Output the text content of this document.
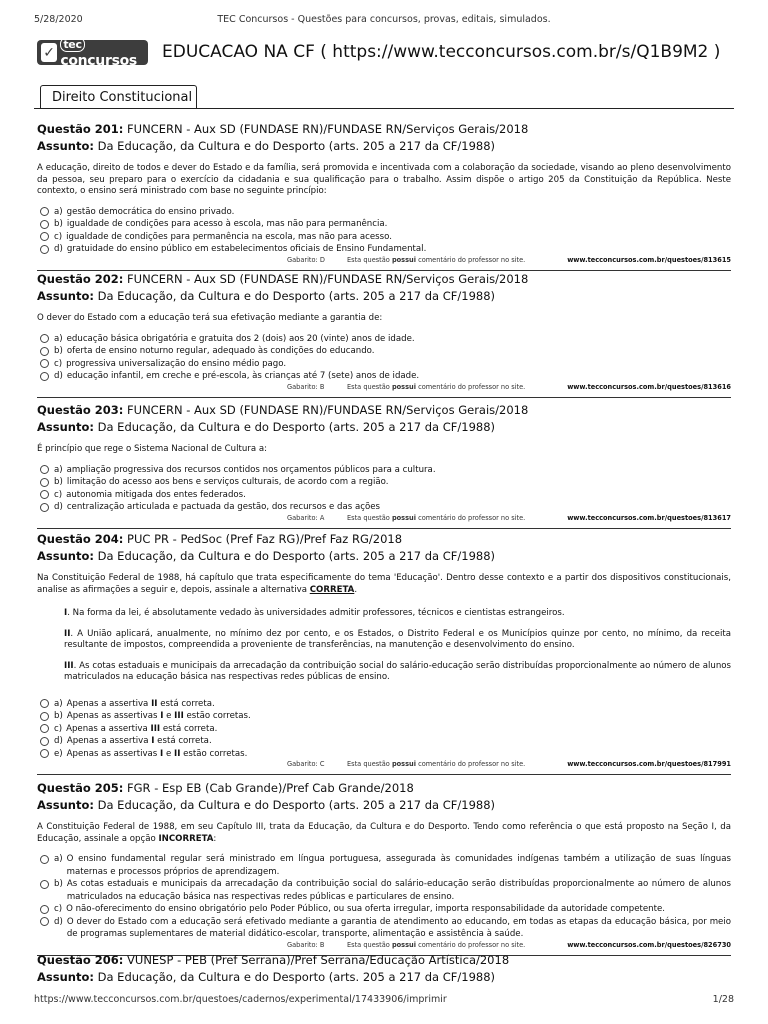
5/28/2020	TEC Concursos - Questões para concursos, provas, editais, simulados.
✓
tecconcursos	EDUCACAO NA CF ( https://www.tecconcursos.com.br/s/Q1B9M2 )
Direito Constitucional
Questão 201: FUNCERN - Aux SD (FUNDASE RN)/FUNDASE RN/Serviços Gerais/2018
Assunto: Da Educação, da Cultura e do Desporto (arts. 205 a 217 da CF/1988)
A educação, direito de todos e dever do Estado e da família, será promovida e incentivada com a colaboração da sociedade, visando ao pleno desenvolvimento da pessoa, seu preparo para o exercício da cidadania e sua qualificação para o trabalho. Assim dispõe o artigo 205 da Constituição da República. Neste contexto, o ensino será ministrado com base no seguinte princípio:
a) gestão democrática do ensino privado.
b) igualdade de condições para acesso à escola, mas não para permanência.
c) igualdade de condições para permanência na escola, mas não para acesso.
d) gratuidade do ensino público em estabelecimentos oficiais de Ensino Fundamental.
Gabarito: D	Esta questão possui comentário do professor no site.	www.tecconcursos.com.br/questoes/813615
Questão 202: FUNCERN - Aux SD (FUNDASE RN)/FUNDASE RN/Serviços Gerais/2018
Assunto: Da Educação, da Cultura e do Desporto (arts. 205 a 217 da CF/1988)
O dever do Estado com a educação terá sua efetivação mediante a garantia de:
a) educação básica obrigatória e gratuita dos 2 (dois) aos 20 (vinte) anos de idade.
b) oferta de ensino noturno regular, adequado às condições do educando.
c) progressiva universalização do ensino médio pago.
d) educação infantil, em creche e pré-escola, às crianças até 7 (sete) anos de idade.
Gabarito: B	Esta questão possui comentário do professor no site.	www.tecconcursos.com.br/questoes/813616
Questão 203: FUNCERN - Aux SD (FUNDASE RN)/FUNDASE RN/Serviços Gerais/2018
Assunto: Da Educação, da Cultura e do Desporto (arts. 205 a 217 da CF/1988)
É princípio que rege o Sistema Nacional de Cultura a:
a) ampliação progressiva dos recursos contidos nos orçamentos públicos para a cultura.
b) limitação do acesso aos bens e serviços culturais, de acordo com a região.
c) autonomia mitigada dos entes federados.
d) centralização articulada e pactuada da gestão, dos recursos e das ações
Gabarito: A	Esta questão possui comentário do professor no site.	www.tecconcursos.com.br/questoes/813617
Questão 204: PUC PR - PedSoc (Pref Faz RG)/Pref Faz RG/2018
Assunto: Da Educação, da Cultura e do Desporto (arts. 205 a 217 da CF/1988)
Na Constituição Federal de 1988, há capítulo que trata especificamente do tema 'Educação'. Dentro desse contexto e a partir dos dispositivos constitucionais, analise as afirmações a seguir e, depois, assinale a alternativa CORRETA.
I. Na forma da lei, é absolutamente vedado às universidades admitir professores, técnicos e cientistas estrangeiros.
II. A União aplicará, anualmente, no mínimo dez por cento, e os Estados, o Distrito Federal e os Municípios quinze por cento, no mínimo, da receita resultante de impostos, compreendida a proveniente de transferências, na manutenção e desenvolvimento do ensino.
III. As cotas estaduais e municipais da arrecadação da contribuição social do salário-educação serão distribuídas proporcionalmente ao número de alunos matriculados na educação básica nas respectivas redes públicas de ensino.
a) Apenas a assertiva II está correta.
b) Apenas as assertivas I e III estão corretas.
c) Apenas a assertiva III está correta.
d) Apenas a assertiva I está correta.
e) Apenas as assertivas I e II estão corretas.
Gabarito: C	Esta questão possui comentário do professor no site.	www.tecconcursos.com.br/questoes/817991
Questão 205: FGR - Esp EB (Cab Grande)/Pref Cab Grande/2018
Assunto: Da Educação, da Cultura e do Desporto (arts. 205 a 217 da CF/1988)
A Constituição Federal de 1988, em seu Capítulo III, trata da Educação, da Cultura e do Desporto. Tendo como referência o que está proposto na Seção I, da Educação, assinale a opção INCORRETA:
a) O ensino fundamental regular será ministrado em língua portuguesa, assegurada às comunidades indígenas também a utilização de suas línguas maternas e processos próprios de aprendizagem.
b) As cotas estaduais e municipais da arrecadação da contribuição social do salário-educação serão distribuídas proporcionalmente ao número de alunos matriculados na educação básica nas respectivas redes públicas e particulares de ensino.
c) O não-oferecimento do ensino obrigatório pelo Poder Público, ou sua oferta irregular, importa responsabilidade da autoridade competente.
d) O dever do Estado com a educação será efetivado mediante a garantia de atendimento ao educando, em todas as etapas da educação básica, por meio de programas suplementares de material didático-escolar, transporte, alimentação e assistência à saúde.
Gabarito: B	Esta questão possui comentário do professor no site.	www.tecconcursos.com.br/questoes/826730
Questão 206: VUNESP - PEB (Pref Serrana)/Pref Serrana/Educação Artística/2018
Assunto: Da Educação, da Cultura e do Desporto (arts. 205 a 217 da CF/1988)
https://www.tecconcursos.com.br/questoes/cadernos/experimental/17433906/imprimir	1/28
